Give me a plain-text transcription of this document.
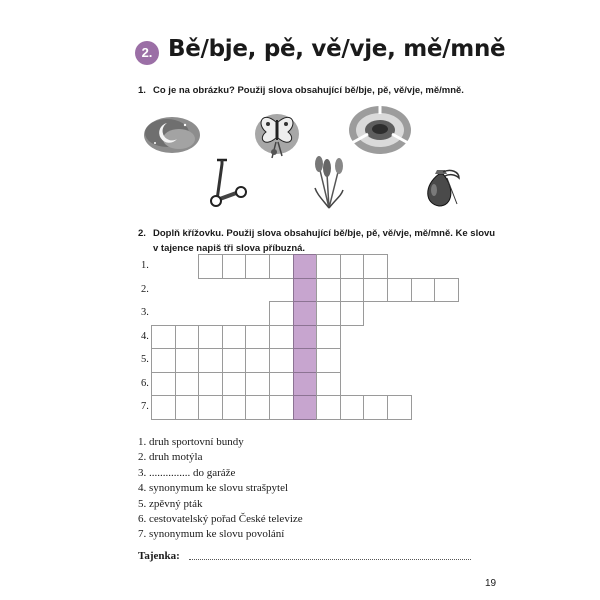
2. Bě/bje, pě, vě/vje, mě/mně
1. Co je na obrázku? Použij slova obsahující bě/bje, pě, vě/vje, mě/mně.
2. Doplň křížovku. Použij slova obsahující bě/bje, pě, vě/vje, mě/mně. Ke slovu
v tajence napiš tři slova příbuzná.
1.
2.
3.
4.
5.
6.
7.
1. druh sportovní bundy
2. druh motýla
3. ............... do garáže
4. synonymum ke slovu strašpytel
5. zpěvný pták
6. cestovatelský pořad České televize
7. synonymum ke slovu povolání
Tajenka:
19
